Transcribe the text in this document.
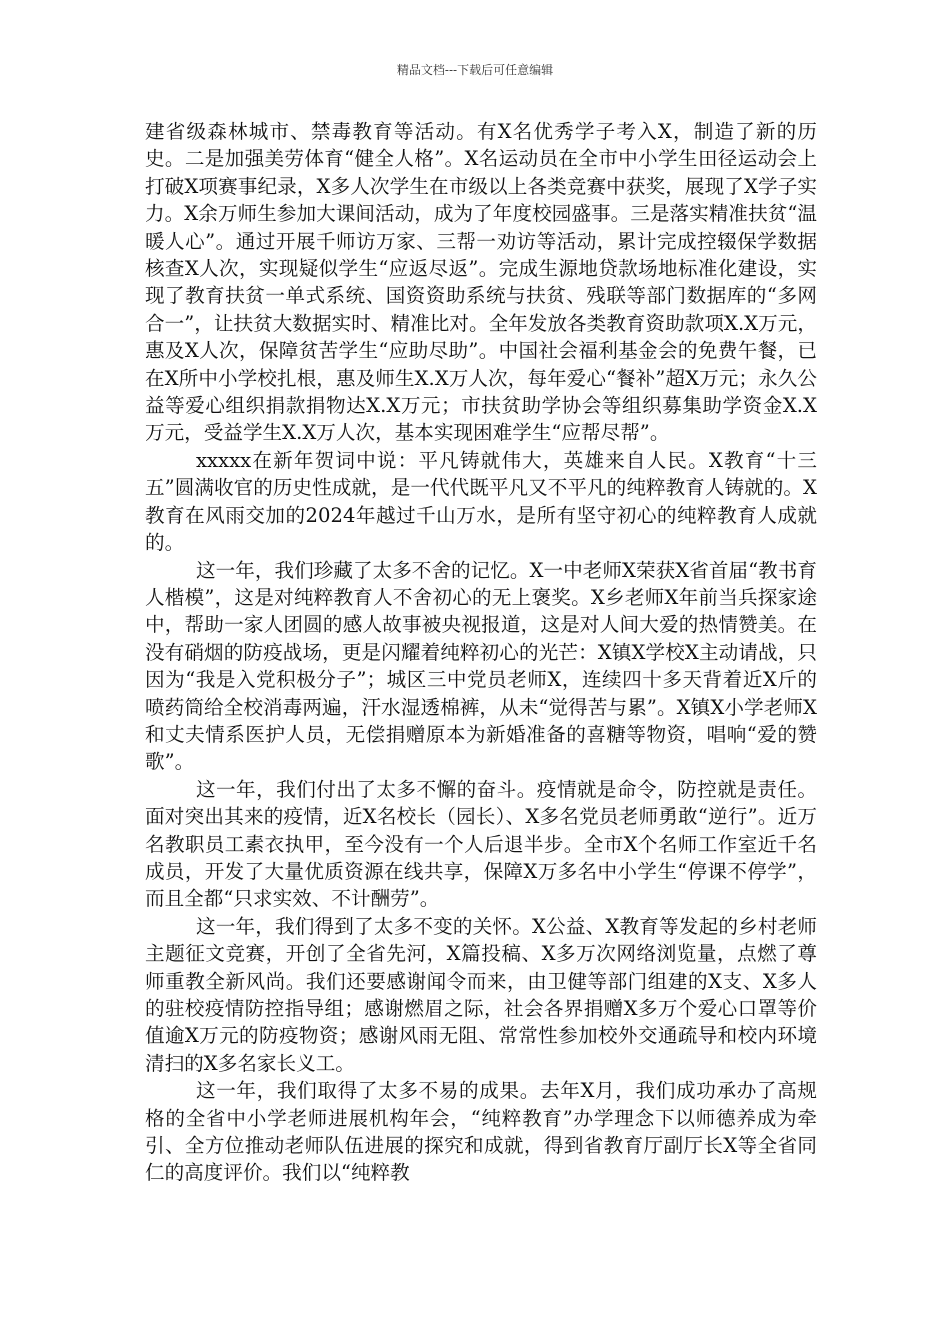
精品文档---下载后可任意编辑

建省级森林城市、禁毒教育等活动。有X名优秀学子考入X，制造了新的历史。二是加强美劳体育“健全人格”。X名运动员在全市中小学生田径运动会上打破X项赛事纪录，X多人次学生在市级以上各类竞赛中获奖，展现了X学子实力。X余万师生参加大课间活动，成为了年度校园盛事。三是落实精准扶贫“温暖人心”。通过开展千师访万家、三帮一劝访等活动，累计完成控辍保学数据核查X人次，实现疑似学生“应返尽返”。完成生源地贷款场地标准化建设，实现了教育扶贫一单式系统、国资资助系统与扶贫、残联等部门数据库的“多网合一”，让扶贫大数据实时、精准比对。全年发放各类教育资助款项X.X万元，惠及X人次，保障贫苦学生“应助尽助”。中国社会福利基金会的免费午餐，已在X所中小学校扎根，惠及师生X.X万人次，每年爱心“餐补”超X万元；永久公益等爱心组织捐款捐物达X.X万元；市扶贫助学协会等组织募集助学资金X.X万元，受益学生X.X万人次，基本实现困难学生“应帮尽帮”。

xxxxx在新年贺词中说：平凡铸就伟大，英雄来自人民。X教育“十三五”圆满收官的历史性成就，是一代代既平凡又不平凡的纯粹教育人铸就的。X教育在风雨交加的2024年越过千山万水，是所有坚守初心的纯粹教育人成就的。

这一年，我们珍藏了太多不舍的记忆。X一中老师X荣获X省首届“教书育人楷模”，这是对纯粹教育人不舍初心的无上褒奖。X乡老师X年前当兵探家途中，帮助一家人团圆的感人故事被央视报道，这是对人间大爱的热情赞美。在没有硝烟的防疫战场，更是闪耀着纯粹初心的光芒：X镇X学校X主动请战，只因为“我是入党积极分子”；城区三中党员老师X，连续四十多天背着近X斤的喷药筒给全校消毒两遍，汗水湿透棉裤，从未“觉得苦与累”。X镇X小学老师X和丈夫情系医护人员，无偿捐赠原本为新婚准备的喜糖等物资，唱响“爱的赞歌”。

这一年，我们付出了太多不懈的奋斗。疫情就是命令，防控就是责任。面对突出其来的疫情，近X名校长（园长）、X多名党员老师勇敢“逆行”。近万名教职员工素衣执甲，至今没有一个人后退半步。全市X个名师工作室近千名成员，开发了大量优质资源在线共享，保障X万多名中小学生“停课不停学”，而且全都“只求实效、不计酬劳”。

这一年，我们得到了太多不变的关怀。X公益、X教育等发起的乡村老师主题征文竞赛，开创了全省先河，X篇投稿、X多万次网络浏览量，点燃了尊师重教全新风尚。我们还要感谢闻令而来，由卫健等部门组建的X支、X多人的驻校疫情防控指导组；感谢燃眉之际，社会各界捐赠X多万个爱心口罩等价值逾X万元的防疫物资；感谢风雨无阻、常常性参加校外交通疏导和校内环境清扫的X多名家长义工。

这一年，我们取得了太多不易的成果。去年X月，我们成功承办了高规格的全省中小学老师进展机构年会，“纯粹教育”办学理念下以师德养成为牵引、全方位推动老师队伍进展的探究和成就，得到省教育厅副厅长X等全省同仁的高度评价。我们以“纯粹教
